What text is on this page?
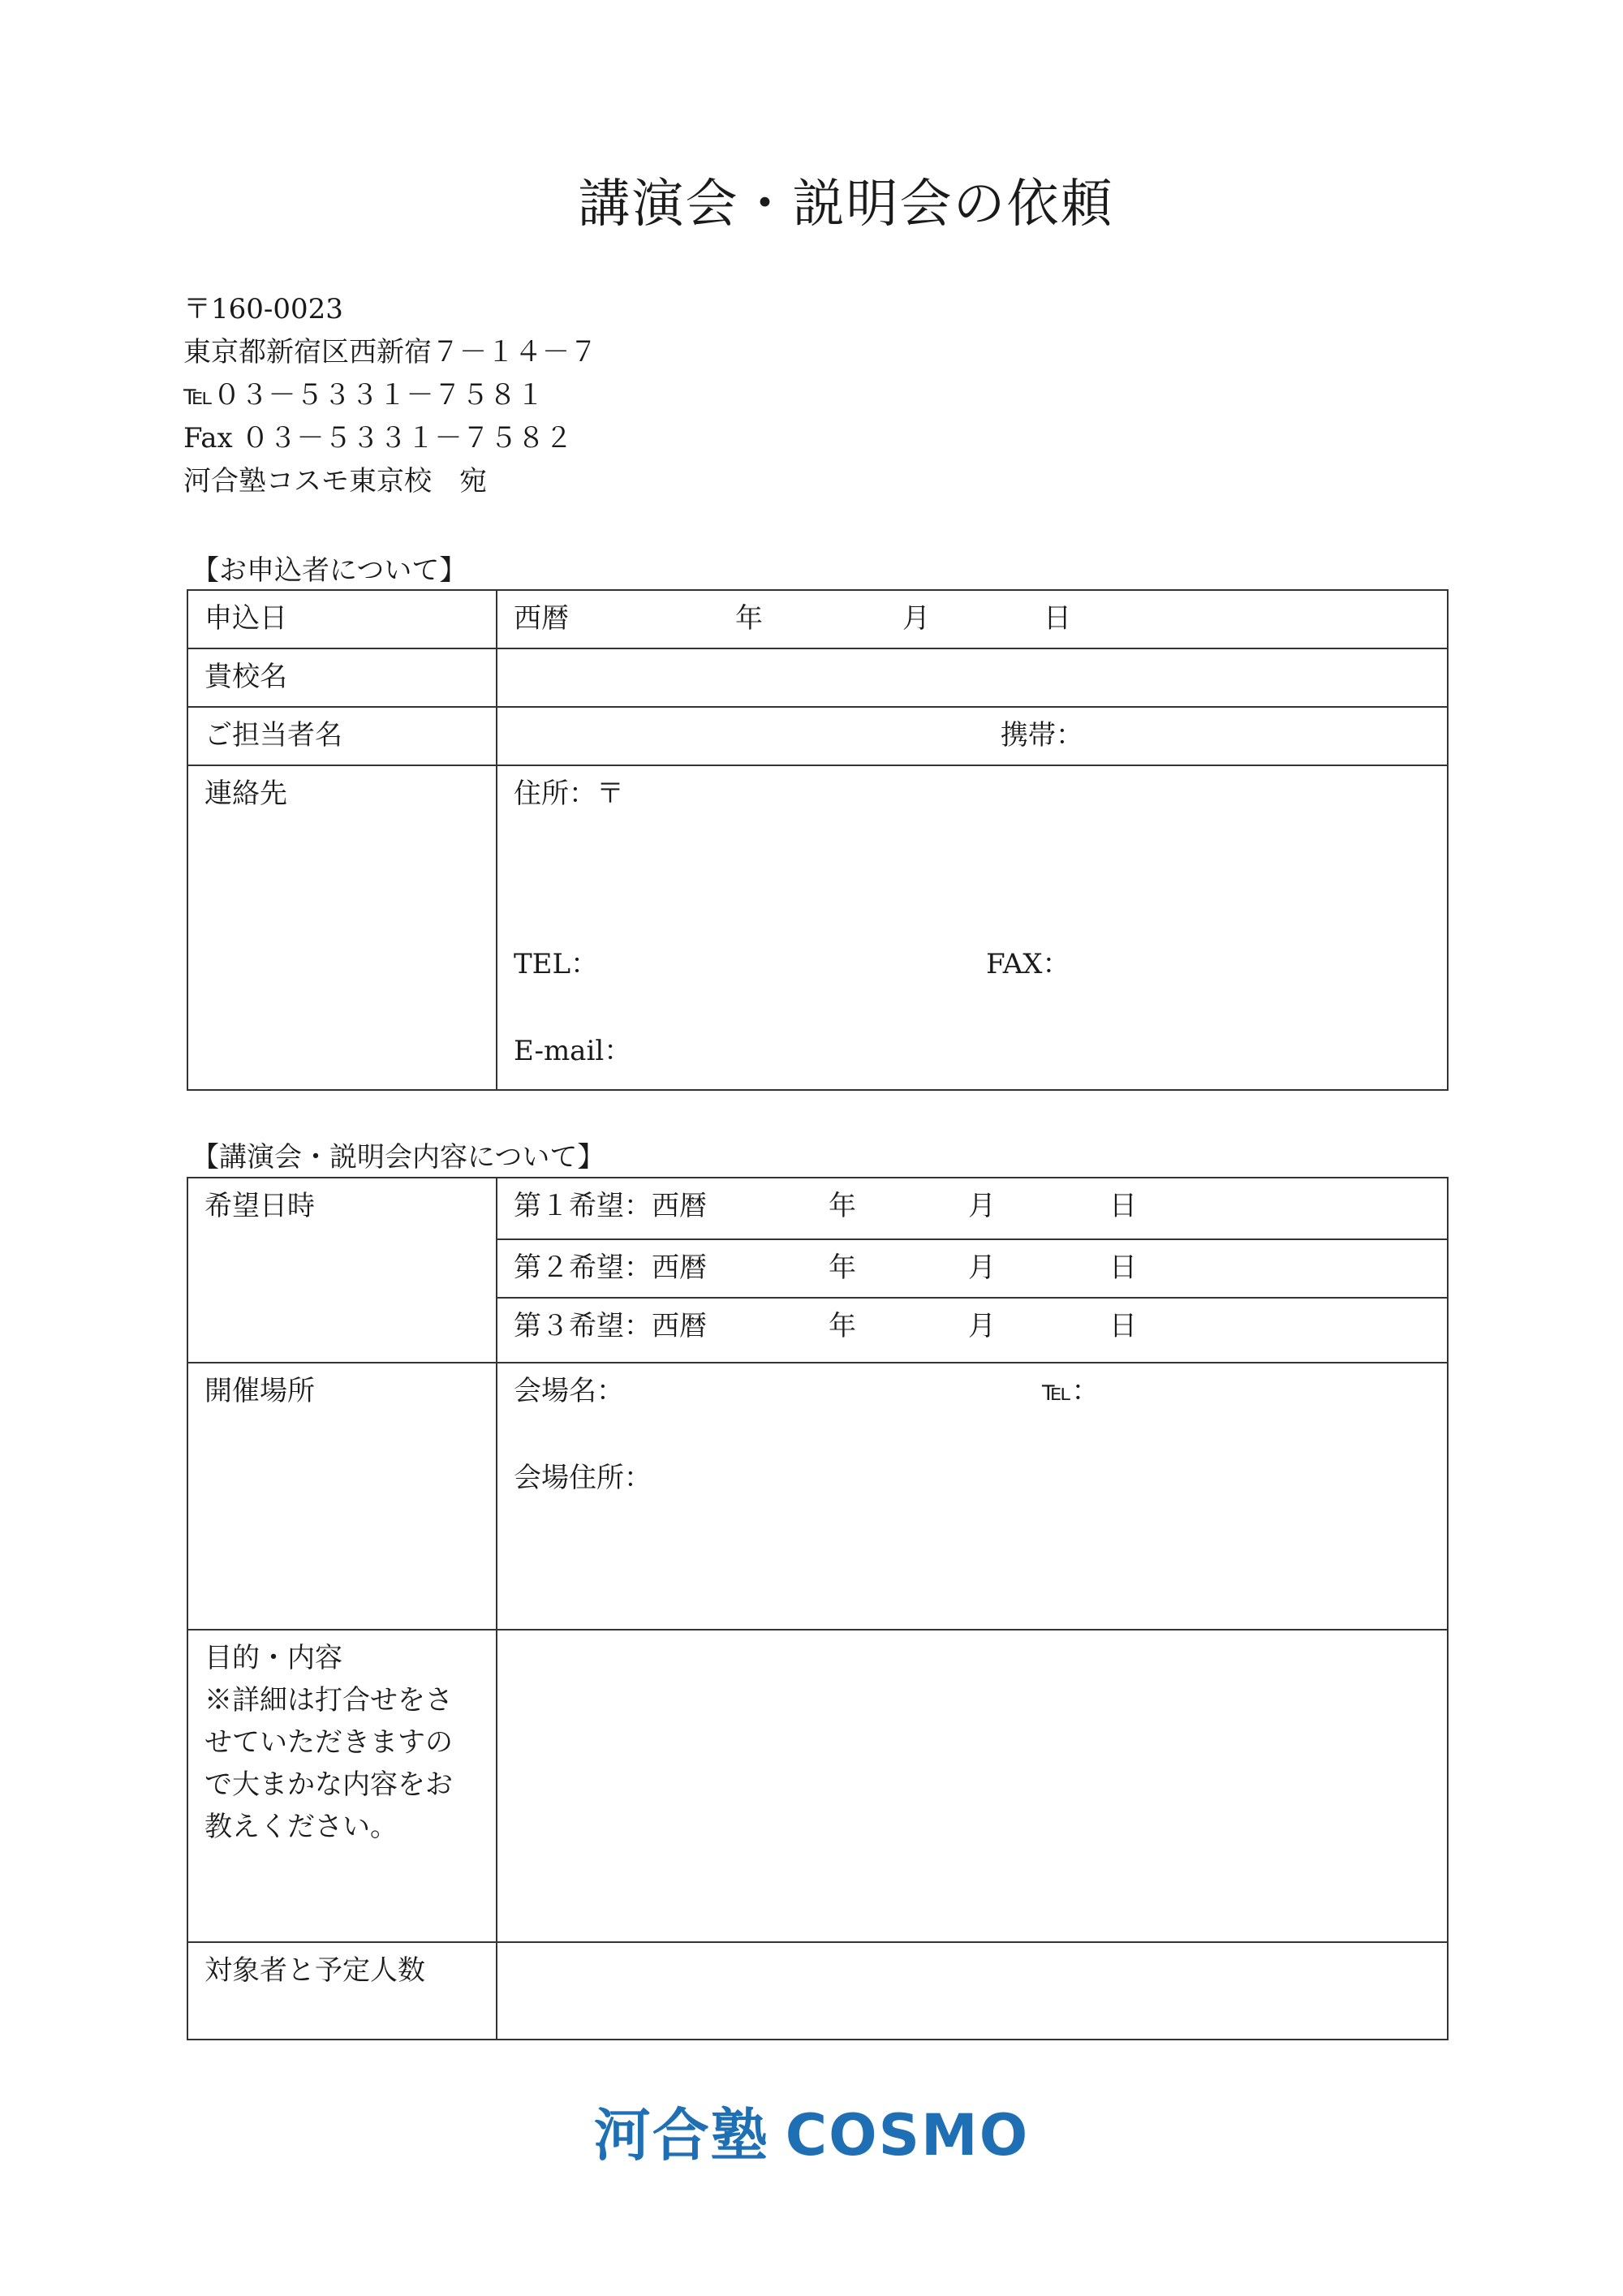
講演会・説明会の依頼
〒160-0023
東京都新宿区西新宿７－１４－７
℡０３－５３３１－７５８１
Fax ０３－５３３１－７５８２
河合塾コスモ東京校　宛
【お申込者について】
申込日	西暦 年 月 日
貴校名	
ご担当者名	携帯：
連絡先	住所：〒
TEL： FAX：
E-mail：
【講演会・説明会内容について】
希望日時	第１希望：西暦 年 月 日
	第２希望：西暦 年 月 日
	第３希望：西暦 年 月 日
開催場所	会場名： ℡：
会場住所：

目的・内容
※詳細は打合せをさせていただきますので大まかな内容をお教えください。	

対象者と予定人数	
河合塾 COSMO
